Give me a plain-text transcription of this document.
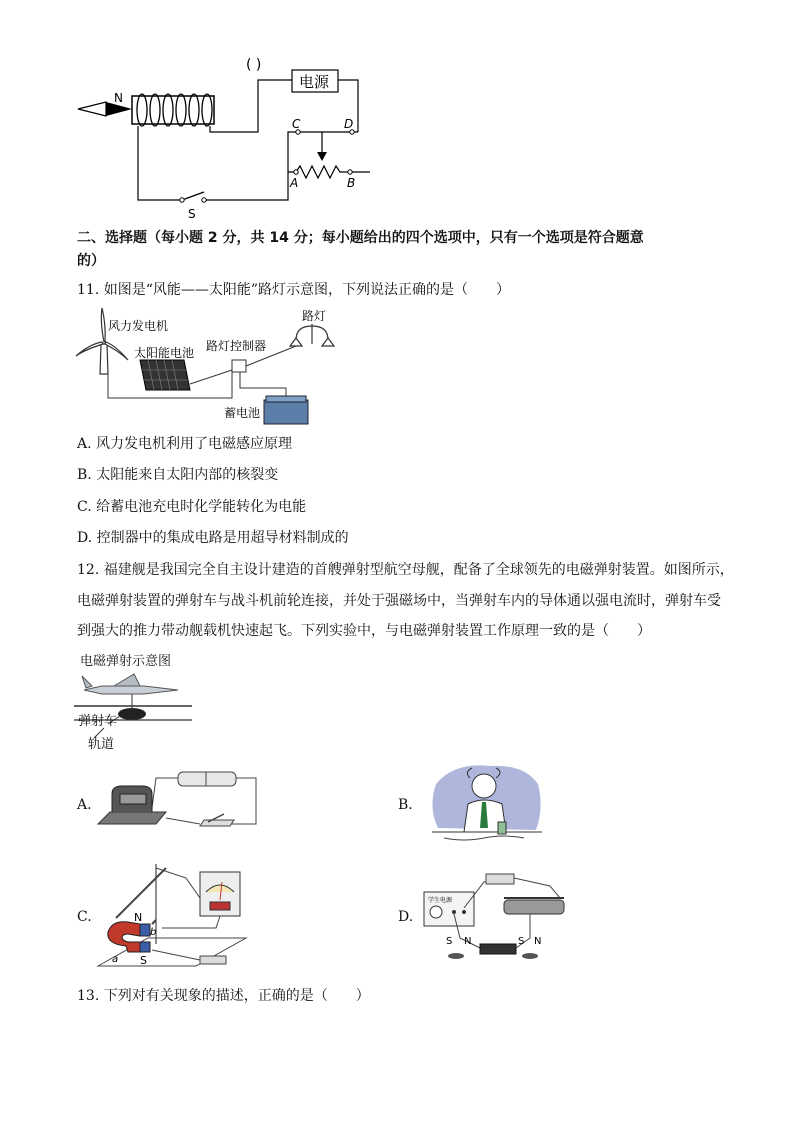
N
电源
( )
C	D
A	B
S
二、选择题（每小题 2 分，共 14 分；每小题给出的四个选项中，只有一个选项是符合题意
的）
11. 如图是“风能——太阳能”路灯示意图，下列说法正确的是（　　）
风力发电机
太阳能电池 路灯控制器
路灯
蓄电池
A. 风力发电机利用了电磁感应原理
B. 太阳能来自太阳内部的核裂变
C. 给蓄电池充电时化学能转化为电能
D. 控制器中的集成电路是用超导材料制成的
12. 福建舰是我国完全自主设计建造的首艘弹射型航空母舰，配备了全球领先的电磁弹射装置。如图所示，
电磁弹射装置的弹射车与战斗机前轮连接，并处于强磁场中，当弹射车内的导体通以强电流时，弹射车受
到强大的推力带动舰载机快速起飞。下列实验中，与电磁弹射装置工作原理一致的是（　　）
电磁弹射示意图
弹射车
轨道
A.	B.
C.	N
S
a
b
D.
学生电源
S N	S N
13. 下列对有关现象的描述，正确的是（　　）
